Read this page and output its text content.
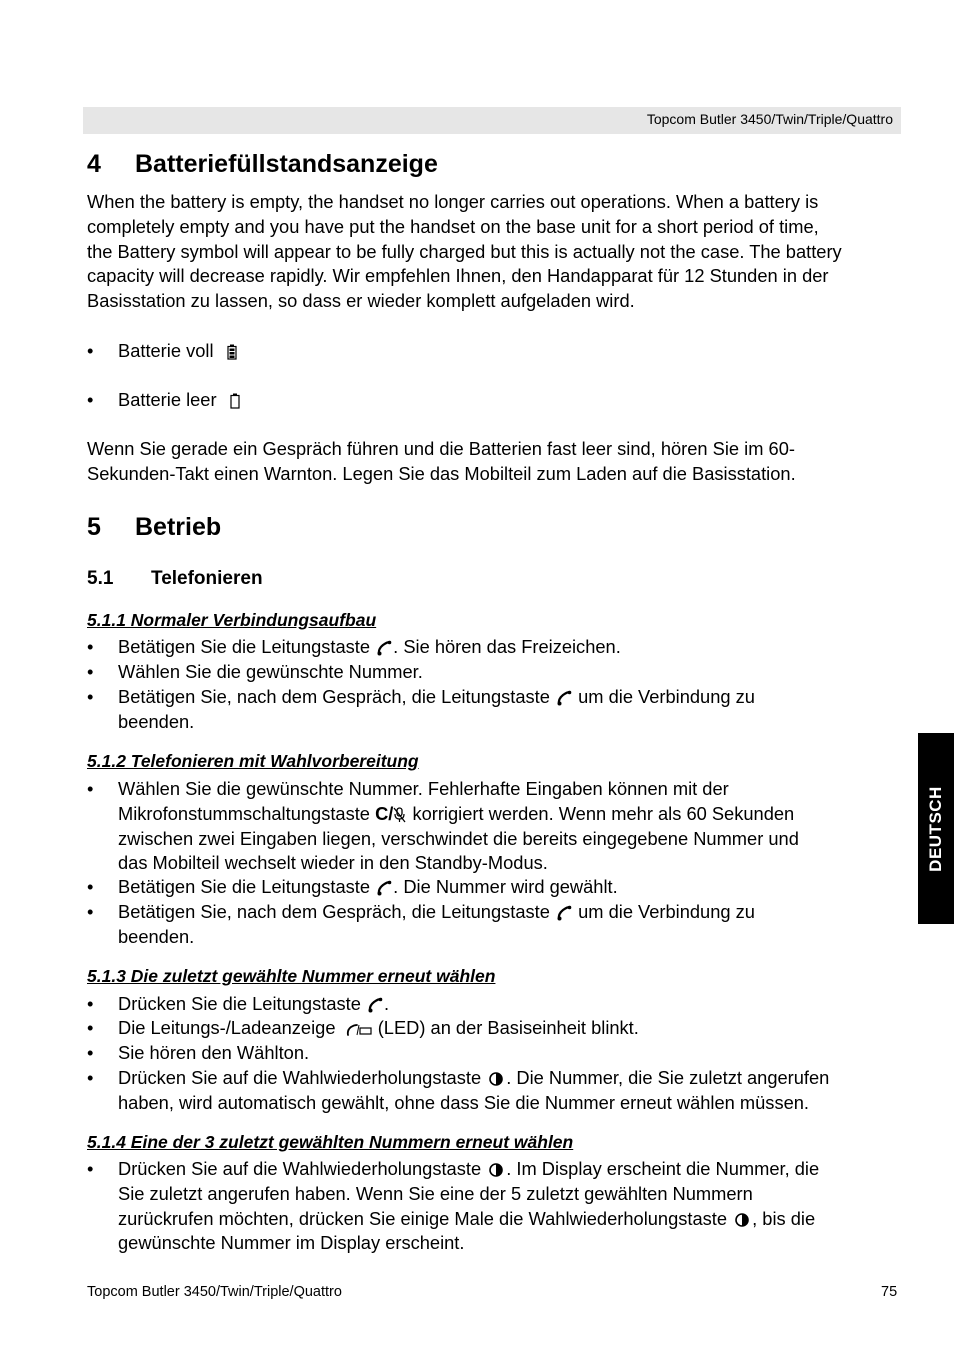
Topcom Butler 3450/Twin/Triple/Quattro
4 Batteriefüllstandsanzeige
When the battery is empty, the handset no longer carries out operations. When a battery is
completely empty and you have put the handset on the base unit for a short period of time,
the Battery symbol will appear to be fully charged but this is actually not the case. The battery
capacity will decrease rapidly. Wir empfehlen Ihnen, den Handapparat für 12 Stunden in der
Basisstation zu lassen, so dass er wieder komplett aufgeladen wird.
• Batterie voll
• Batterie leer
Wenn Sie gerade ein Gespräch führen und die Batterien fast leer sind, hören Sie im 60-
Sekunden-Takt einen Warnton. Legen Sie das Mobilteil zum Laden auf die Basisstation.
5 Betrieb
5.1 Telefonieren
5.1.1 Normaler Verbindungsaufbau
• Betätigen Sie die Leitungstaste . Sie hören das Freizeichen.
• Wählen Sie die gewünschte Nummer.
• Betätigen Sie, nach dem Gespräch, die Leitungstaste um die Verbindung zu
beenden.
5.1.2 Telefonieren mit Wahlvorbereitung
• Wählen Sie die gewünschte Nummer. Fehlerhafte Eingaben können mit der
Mikrofonstummschaltungstaste C/ korrigiert werden. Wenn mehr als 60 Sekunden
zwischen zwei Eingaben liegen, verschwindet die bereits eingegebene Nummer und
das Mobilteil wechselt wieder in den Standby-Modus.
• Betätigen Sie die Leitungstaste . Die Nummer wird gewählt.
• Betätigen Sie, nach dem Gespräch, die Leitungstaste um die Verbindung zu
beenden.
5.1.3 Die zuletzt gewählte Nummer erneut wählen
• Drücken Sie die Leitungstaste .
• Die Leitungs-/Ladeanzeige (LED) an der Basiseinheit blinkt.
• Sie hören den Wählton.
• Drücken Sie auf die Wahlwiederholungstaste . Die Nummer, die Sie zuletzt angerufen
haben, wird automatisch gewählt, ohne dass Sie die Nummer erneut wählen müssen.
5.1.4 Eine der 3 zuletzt gewählten Nummern erneut wählen
• Drücken Sie auf die Wahlwiederholungstaste . Im Display erscheint die Nummer, die
Sie zuletzt angerufen haben. Wenn Sie eine der 5 zuletzt gewählten Nummern
zurückrufen möchten, drücken Sie einige Male die Wahlwiederholungstaste , bis die
gewünschte Nummer im Display erscheint.
DEUTSCH
Topcom Butler 3450/Twin/Triple/Quattro	75
